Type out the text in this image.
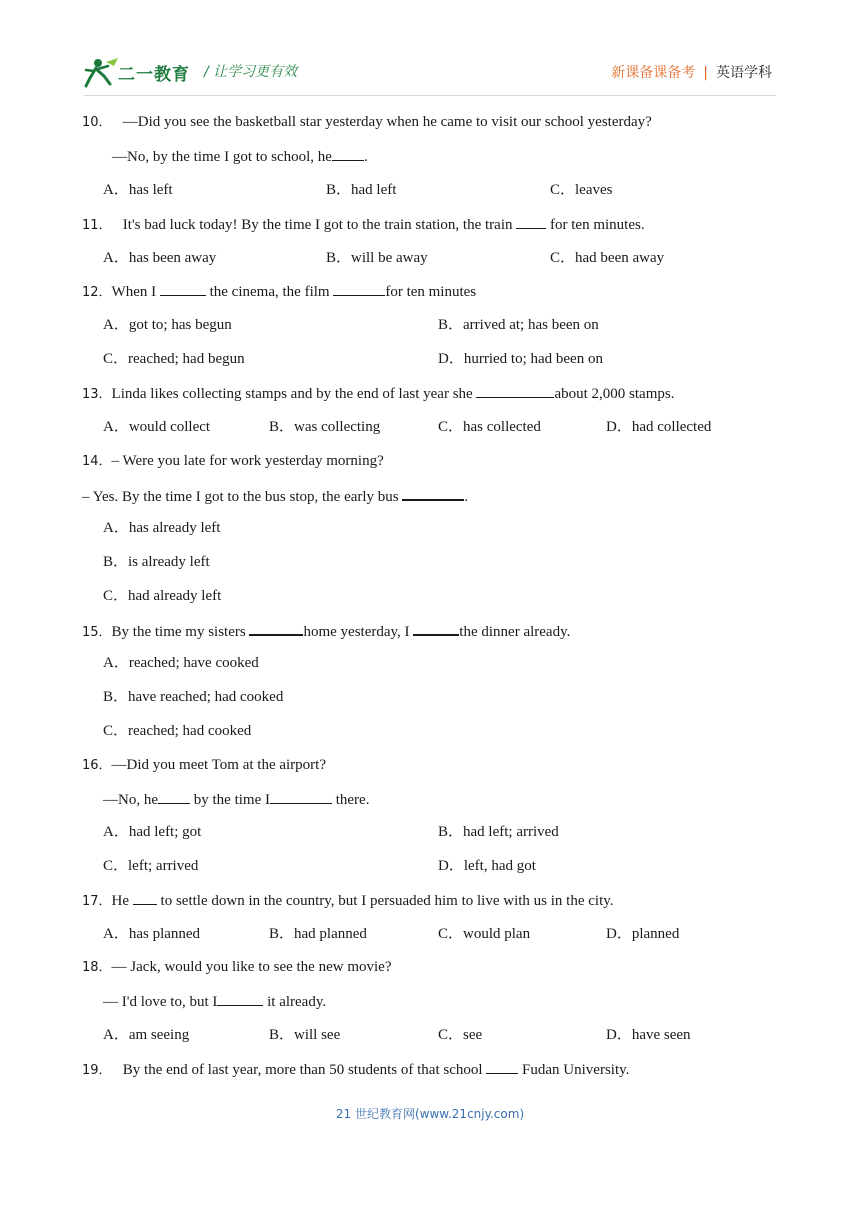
二一教育 / 让学习更有效	新课备课备考 | 英语学科
10． —Did you see the basketball star yesterday when he came to visit our school yesterday?
—No, by the time I got to school, he .
A．has left	B．had left	C．leaves
11． It's bad luck today! By the time I got to the train station, the train  for ten minutes.
A．has been away	B．will be away	C．had been away
12．When I	the cinema, the film	for ten minutes
A．got to; has begun	B．arrived at; has been on
C．reached; had begun	D．hurried to; had been on
13．Linda likes collecting stamps and by the end of last year she	about 2,000 stamps.
A．would collect	B．was collecting	C．has collected	D．had collected
14．– Were you late for work yesterday morning?
– Yes. By the time I got to the bus stop, the early bus	.
A．has already left
B．is already left
C．had already left
15．By the time my sisters	home yesterday, I	the dinner already.
A．reached; have cooked
B．have reached; had cooked
C．reached; had cooked
16．—Did you meet Tom at the airport?
—No, he by the time I	there.
A．had left; got	B．had left; arrived
C．left; arrived	D．left, had got
17．He  to settle down in the country, but I persuaded him to live with us in the city.
A．has planned	B．had planned	C．would plan	D．planned
18．— Jack, would you like to see the new movie?
— I'd love to, but I	it already.
A．am seeing	B．will see	C．see	D．have seen
19． By the end of last year, more than 50 students of that school  Fudan University.
21 世纪教育网(www.21cnjy.com)
